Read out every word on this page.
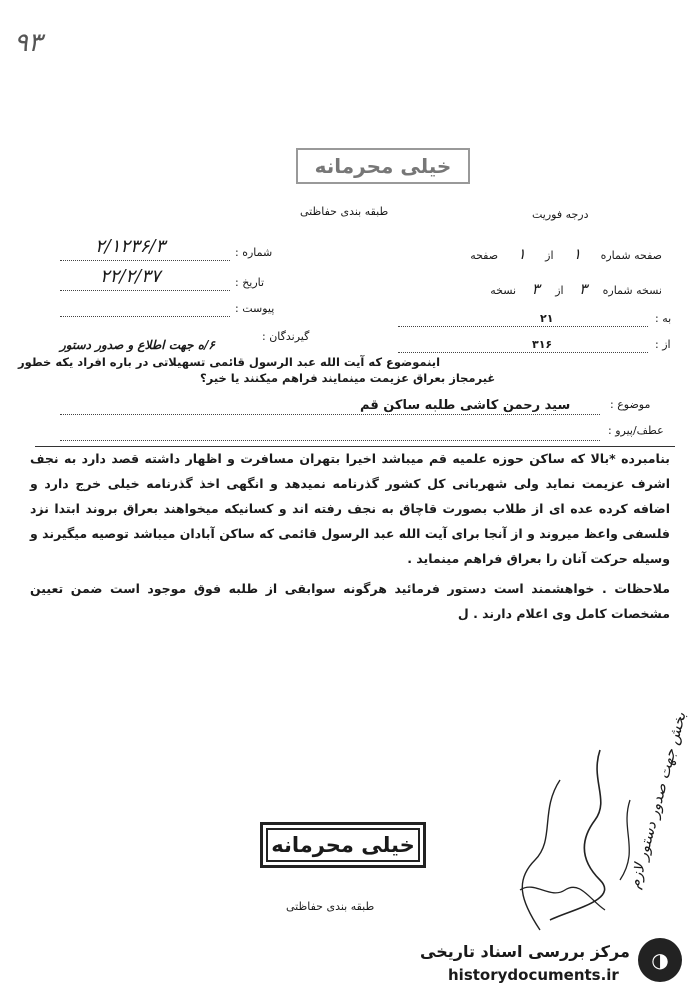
۹۳
خیلی محرمانه
طبقه بندی حفاظتی	درجه فوریت
صفحه شماره ۱ از ۱ صفحه
نسخه شماره ۳ از ۳ نسخه
شماره :
۲/۱۲۳۶/۳
تاریخ :
۲۲/۲/۳۷
پیوست :
به :
۲۱
از :
۳۱۶
گیرندگان :
۶/ه جهت اطلاع و صدور دستور
اینموضوع که آیت الله عبد الرسول قائمی تسهیلاتی در باره افراد یکه خطور
غیرمجاز بعراق عزیمت مینمایند فراهم میکنند یا خیر؟
موضوع :
سید رحمن کاشی طلبه ساکن قم
عطف/پیرو :
بنامبرده *بالا که ساکن حوزه علمیه قم میباشد اخیرا بتهران مسافرت و اظهار داشته قصد دارد به نجف اشرف عزیمت نماید ولی شهربانی کل کشور گذرنامه نمیدهد و انگهی اخذ گذرنامه خیلی خرج دارد و اضافه کرده عده ای از طلاب بصورت قاچاق به نجف رفته اند و کسانیکه میخواهند بعراق بروند ابتدا نزد فلسفی واعظ میروند و از آنجا برای آیت الله عبد الرسول قائمی که ساکن آبادان میباشد توصیه میگیرند و وسیله حرکت آنان را بعراق فراهم مینماید .
ملاحظات . خواهشمند است دستور فرمائید هرگونه سوابقی از طلبه فوق موجود است ضمن تعیین مشخصات کامل وی اعلام دارند . ل
بخش جهت صدور دستور لازم
خیلی محرمانه
طبقه بندی حفاظتی
◑
مرکز بررسی اسناد تاریخی
historydocuments.ir
